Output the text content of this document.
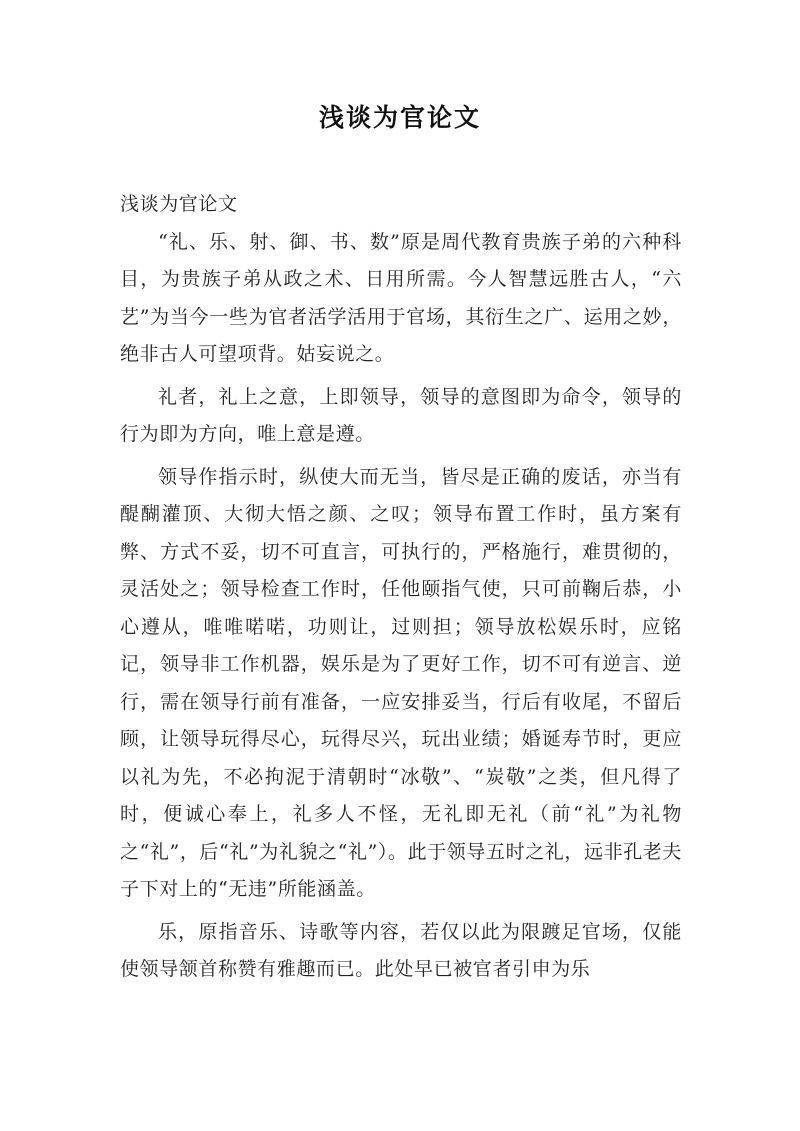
浅谈为官论文

浅谈为官论文

“礼、乐、射、御、书、数”原是周代教育贵族子弟的六种科目，为贵族子弟从政之术、日用所需。今人智慧远胜古人，“六艺”为当今一些为官者活学活用于官场，其衍生之广、运用之妙，绝非古人可望项背。姑妄说之。

礼者，礼上之意，上即领导，领导的意图即为命令，领导的行为即为方向，唯上意是遵。

领导作指示时，纵使大而无当，皆尽是正确的废话，亦当有醍醐灌顶、大彻大悟之颜、之叹；领导布置工作时，虽方案有弊、方式不妥，切不可直言，可执行的，严格施行，难贯彻的，灵活处之；领导检查工作时，任他颐指气使，只可前鞠后恭，小心遵从，唯唯喏喏，功则让，过则担；领导放松娱乐时，应铭记，领导非工作机器，娱乐是为了更好工作，切不可有逆言、逆行，需在领导行前有准备，一应安排妥当，行后有收尾，不留后顾，让领导玩得尽心，玩得尽兴，玩出业绩；婚诞寿节时，更应以礼为先，不必拘泥于清朝时“冰敬”、“炭敬”之类，但凡得了时，便诚心奉上，礼多人不怪，无礼即无礼（前“礼”为礼物之“礼”，后“礼”为礼貌之“礼”）。此于领导五时之礼，远非孔老夫子下对上的“无违”所能涵盖。

乐，原指音乐、诗歌等内容，若仅以此为限踱足官场，仅能使领导颔首称赞有雅趣而已。此处早已被官者引申为乐
